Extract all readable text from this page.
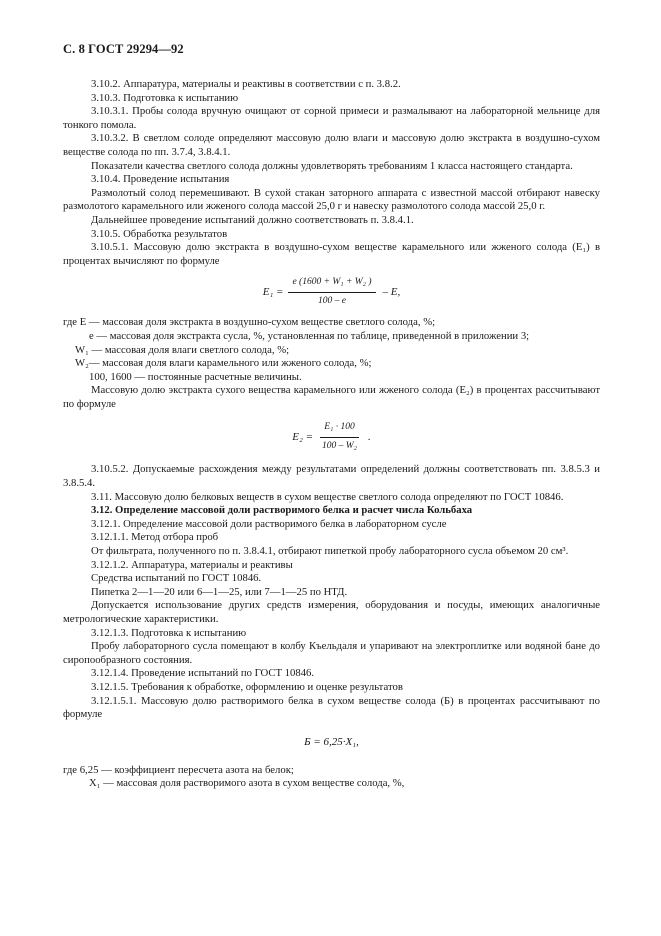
С. 8 ГОСТ 29294—92

3.10.2. Аппаратура, материалы и реактивы в соответствии с п. 3.8.2.

3.10.3. Подготовка к испытанию

3.10.3.1. Пробы солода вручную очищают от сорной примеси и размалывают на лабораторной мельнице для тонкого помола.

3.10.3.2. В светлом солоде определяют массовую долю влаги и массовую долю экстракта в воздушно-сухом веществе солода по пп. 3.7.4, 3.8.4.1.

Показатели качества светлого солода должны удовлетворять требованиям 1 класса настоящего стандарта.

3.10.4. Проведение испытания

Размолотый солод перемешивают. В сухой стакан заторного аппарата с известной массой отбирают навеску размолотого карамельного или жженого солода массой 25,0 г и навеску размолотого солода массой 25,0 г.

Дальнейшее проведение испытаний должно соответствовать п. 3.8.4.1.

3.10.5. Обработка результатов

3.10.5.1. Массовую долю экстракта в воздушно-сухом веществе карамельного или жженого солода (E₁) в процентах вычисляют по формуле

$E_1 = \frac{\text{e (1600 + W₁ + W₂ )}}{100 - e} - E$,

где E — массовая доля экстракта в воздушно-сухом веществе светлого солода, %;

e — массовая доля экстракта сусла, %, установленная по таблице, приведенной в приложении 3;

W₁ — массовая доля влаги светлого солода, %;

W₂— массовая доля влаги карамельного или жженого солода, %;

100, 1600 — постоянные расчетные величины.

Массовую долю экстракта сухого вещества карамельного или жженого солода (E₂) в процентах рассчитывают по формуле

$E_2 = \frac{\text{E₁ · 100}}{\text{100 – W₂}}$ .

3.10.5.2. Допускаемые расхождения между результатами определений должны соответствовать пп. 3.8.5.3 и 3.8.5.4.

3.11. Массовую долю белковых веществ в сухом веществе светлого солода определяют по ГОСТ 10846.

3.12. Определение массовой доли растворимого белка и расчет числа Кольбаха

3.12.1. Определение массовой доли растворимого белка в лабораторном сусле

3.12.1.1. Метод отбора проб

От фильтрата, полученного по п. 3.8.4.1, отбирают пипеткой пробу лабораторного сусла объемом 20 см³.

3.12.1.2. Аппаратура, материалы и реактивы

Средства испытаний по ГОСТ 10846.

Пипетка 2—1—20 или 6—1—25, или 7—1—25 по НТД.

Допускается использование других средств измерения, оборудования и посуды, имеющих аналогичные метрологические характеристики.

3.12.1.3. Подготовка к испытанию

Пробу лабораторного сусла помещают в колбу Къельдаля и упаривают на электроплитке или водяной бане до сиропообразного состояния.

3.12.1.4. Проведение испытаний по ГОСТ 10846.

3.12.1.5. Требования к обработке, оформлению и оценке результатов

3.12.1.5.1. Массовую долю растворимого белка в сухом веществе солода (Б) в процентах рассчитывают по формуле

Б = 6,25·X₁,

где 6,25 — коэффициент пересчета азота на белок;

X₁ — массовая доля растворимого азота в сухом веществе солода, %,
